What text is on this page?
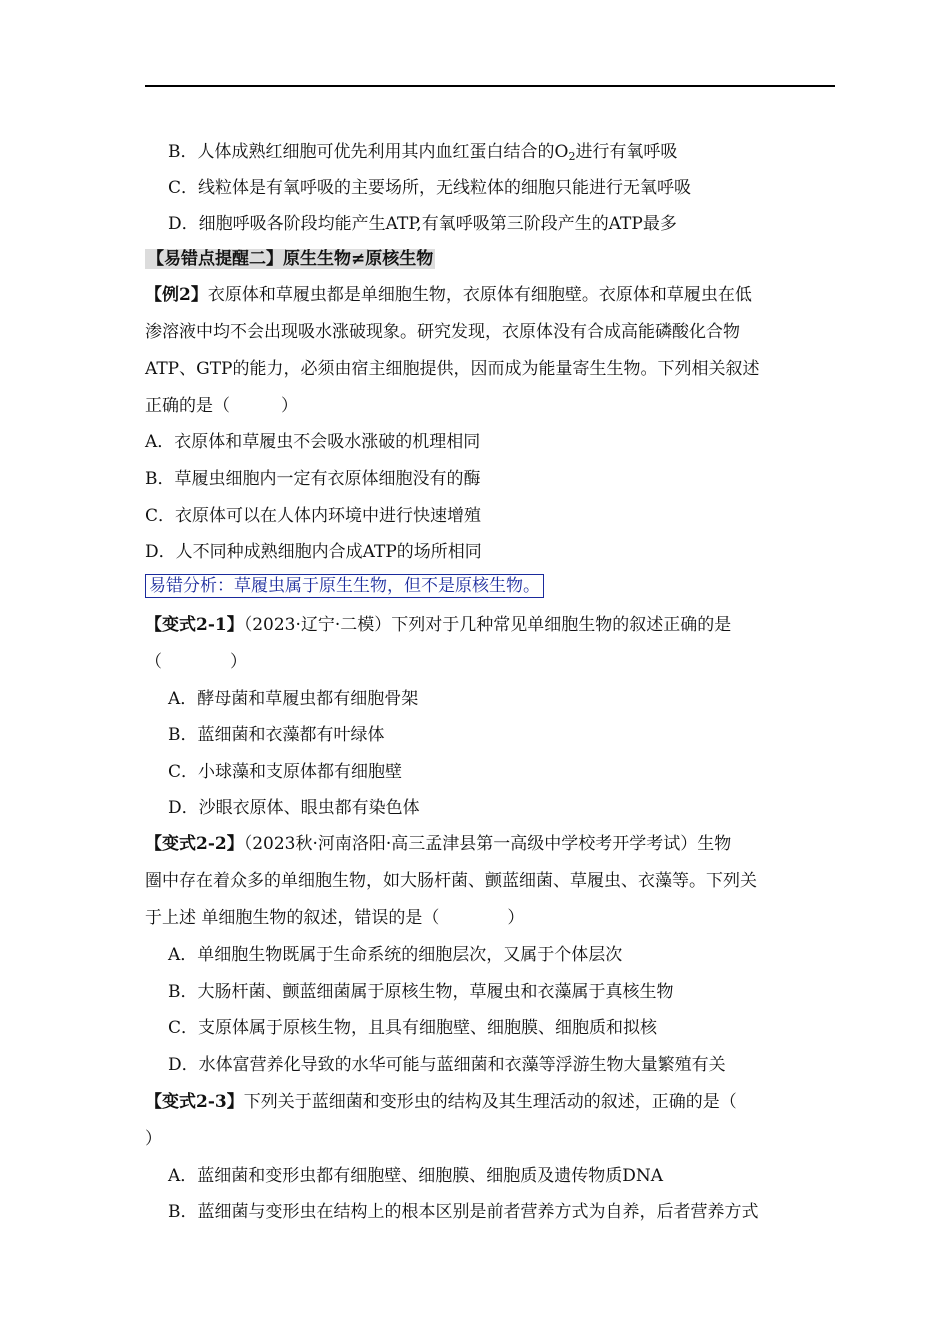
B．人体成熟红细胞可优先利用其内血红蛋白结合的$O_2$进行有氧呼吸
C．线粒体是有氧呼吸的主要场所，无线粒体的细胞只能进行无氧呼吸
D．细胞呼吸各阶段均能产生ATP,有氧呼吸第三阶段产生的ATP最多
【易错点提醒二】原生生物≠原核生物
【例2】衣原体和草履虫都是单细胞生物，衣原体有细胞壁。衣原体和草履虫在低
渗溶液中均不会出现吸水涨破现象。研究发现，衣原体没有合成高能磷酸化合物
ATP、GTP的能力，必须由宿主细胞提供，因而成为能量寄生生物。下列相关叙述
正确的是（　　　）
A．衣原体和草履虫不会吸水涨破的机理相同
B．草履虫细胞内一定有衣原体细胞没有的酶
C．衣原体可以在人体内环境中进行快速增殖
D．人不同种成熟细胞内合成ATP的场所相同
易错分析：草履虫属于原生生物，但不是原核生物。
【变式2-1】（2023·辽宁·二模）下列对于几种常见单细胞生物的叙述正确的是
（　　　　）
A．酵母菌和草履虫都有细胞骨架
B．蓝细菌和衣藻都有叶绿体
C．小球藻和支原体都有细胞壁
D．沙眼衣原体、眼虫都有染色体
【变式2-2】（2023秋·河南洛阳·高三孟津县第一高级中学校考开学考试）生物
圈中存在着众多的单细胞生物，如大肠杆菌、颤蓝细菌、草履虫、衣藻等。下列关
于上述 单细胞生物的叙述，错误的是（　　　　）
A．单细胞生物既属于生命系统的细胞层次，又属于个体层次
B．大肠杆菌、颤蓝细菌属于原核生物，草履虫和衣藻属于真核生物
C．支原体属于原核生物，且具有细胞壁、细胞膜、细胞质和拟核
D．水体富营养化导致的水华可能与蓝细菌和衣藻等浮游生物大量繁殖有关
【变式2-3】下列关于蓝细菌和变形虫的结构及其生理活动的叙述，正确的是（
）
A．蓝细菌和变形虫都有细胞壁、细胞膜、细胞质及遗传物质DNA
B．蓝细菌与变形虫在结构上的根本区别是前者营养方式为自养，后者营养方式
